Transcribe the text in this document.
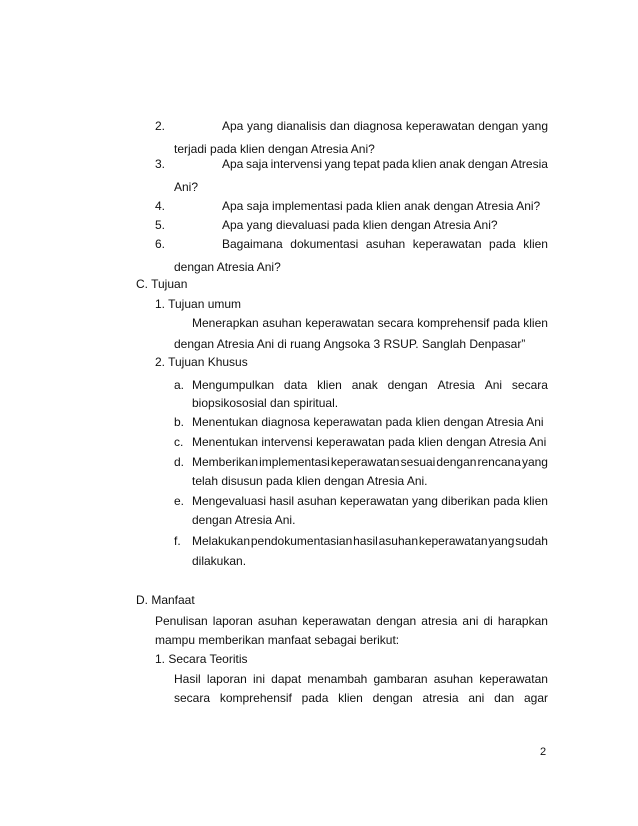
2.	Apa yang dianalisis dan diagnosa keperawatan dengan yang
terjadi pada klien dengan Atresia Ani?
3.	Apa saja intervensi yang tepat pada klien anak dengan Atresia
Ani?
4.	Apa saja implementasi pada klien anak dengan Atresia Ani?
5.	Apa yang dievaluasi pada klien dengan Atresia Ani?
6.	Bagaimana dokumentasi asuhan keperawatan pada klien
dengan Atresia Ani?
C. Tujuan
1. Tujuan umum
Menerapkan asuhan keperawatan secara komprehensif pada klien
dengan Atresia Ani di ruang Angsoka 3 RSUP. Sanglah Denpasar”
2. Tujuan Khusus
a. Mengumpulkan data klien anak dengan Atresia Ani secara
biopsikososial dan spiritual.
b. Menentukan diagnosa keperawatan pada klien dengan Atresia Ani
c. Menentukan intervensi keperawatan pada klien dengan Atresia Ani
d. Memberikan implementasi keperawatan sesuai dengan rencana yang
telah disusun pada klien dengan Atresia Ani.
e. Mengevaluasi hasil asuhan keperawatan yang diberikan pada klien
dengan Atresia Ani.
f. Melakukan pendokumentasian hasil asuhan keperawatan yang sudah
dilakukan.
D. Manfaat
Penulisan laporan asuhan keperawatan dengan atresia ani di harapkan
mampu memberikan manfaat sebagai berikut:
1. Secara Teoritis
Hasil laporan ini dapat menambah gambaran asuhan keperawatan
secara komprehensif pada klien dengan atresia ani dan agar
2
